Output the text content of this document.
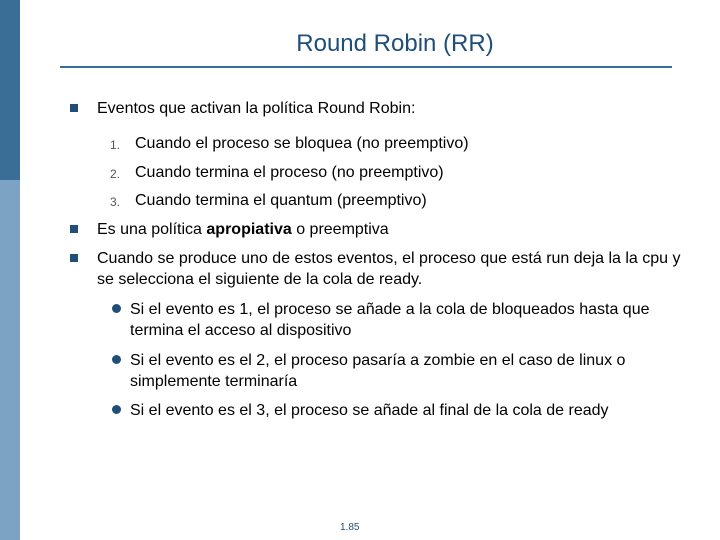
Round Robin (RR)
Eventos que activan la política Round Robin:
1. Cuando el proceso se bloquea (no preemptivo)
2. Cuando termina el proceso (no preemptivo)
3. Cuando termina el quantum (preemptivo)
Es una política apropiativa o preemptiva
Cuando se produce uno de estos eventos, el proceso que está run deja la la cpu y se selecciona el siguiente de la cola de ready.
Si el evento es 1, el proceso se añade a la cola de bloqueados hasta que termina el acceso al dispositivo
Si el evento es el 2, el proceso pasaría a zombie en el caso de linux o simplemente terminaría
Si el evento es el 3, el proceso se añade al final de la cola de ready
1.85
